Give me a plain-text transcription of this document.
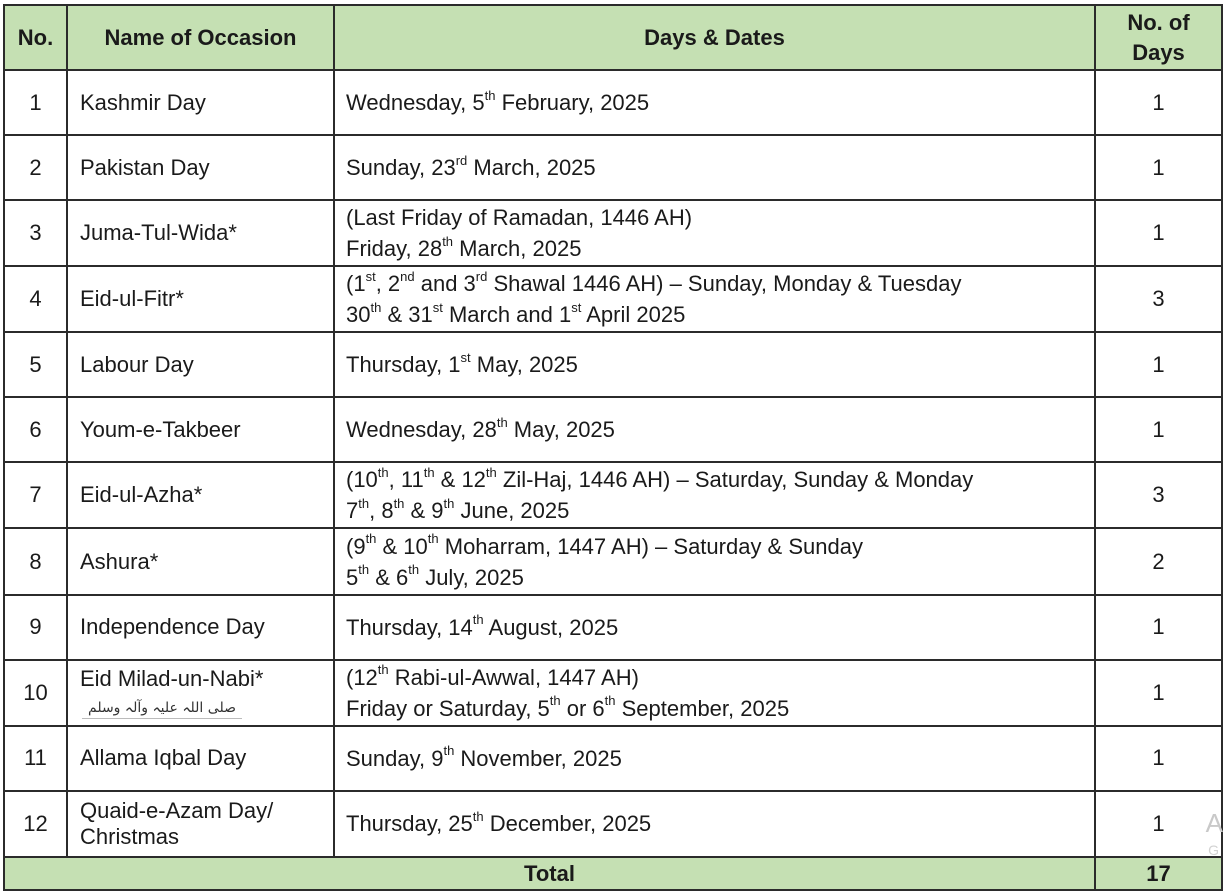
No.	Name of Occasion	Days & Dates	No. of
Days

1	Kashmir Day	Wednesday, 5th February, 2025	1
2	Pakistan Day	Sunday, 23rd March, 2025	1
3	Juma-Tul-Wida*	(Last Friday of Ramadan, 1446 AH)
Friday, 28th March, 2025	1
4	Eid-ul-Fitr*	(1st, 2nd and 3rd Shawal 1446 AH) – Sunday, Monday & Tuesday
30th & 31st March and 1st April 2025	3
5	Labour Day	Thursday, 1st May, 2025	1
6	Youm-e-Takbeer	Wednesday, 28th May, 2025	1
7	Eid-ul-Azha*	(10th, 11th & 12th Zil-Haj, 1446 AH) – Saturday, Sunday & Monday
7th, 8th & 9th June, 2025	3
8	Ashura*	(9th & 10th Moharram, 1447 AH) – Saturday & Sunday
5th & 6th July, 2025	2
9	Independence Day	Thursday, 14th August, 2025	1
10	Eid Milad-un-Nabi*
صلی اللہ علیہ وآلہ وسلم	(12th Rabi-ul-Awwal, 1447 AH)
Friday or Saturday, 5th or 6th September, 2025	1
11	Allama Iqbal Day	Sunday, 9th November, 2025	1
12	Quaid-e-Azam Day/
Christmas	Thursday, 25th December, 2025	1
Total			17
A
G
